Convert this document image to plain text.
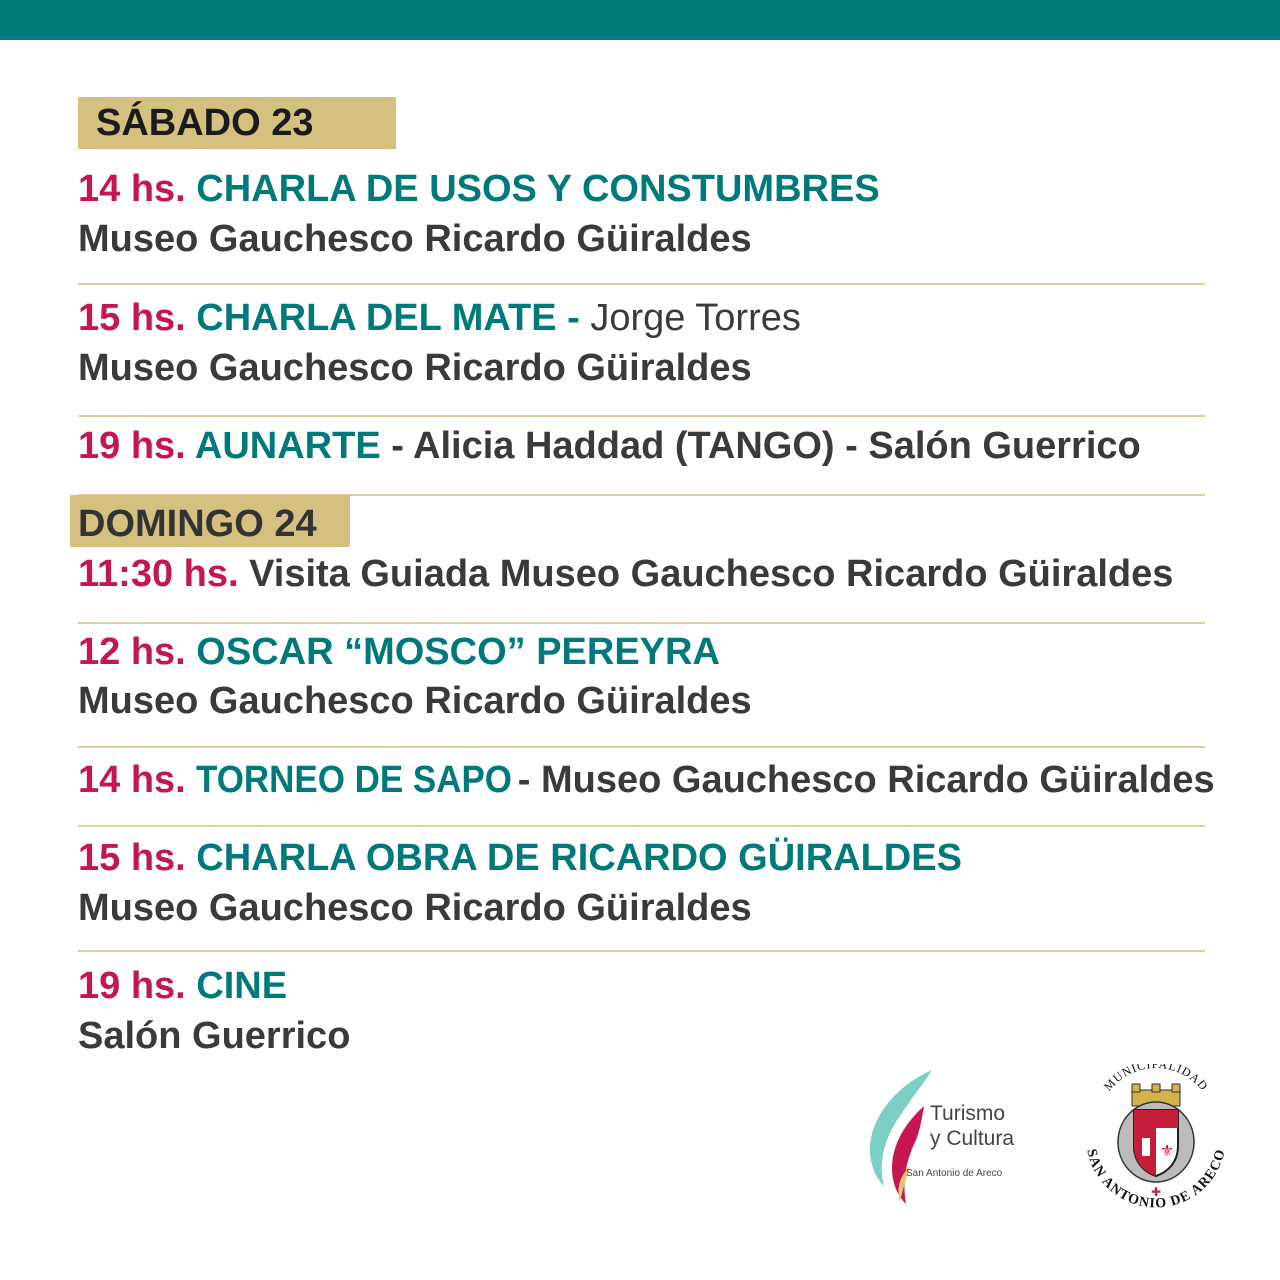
SÁBADO 23
14 hs. CHARLA DE USOS Y CONSTUMBRES
Museo Gauchesco Ricardo Güiraldes
15 hs. CHARLA DEL MATE - Jorge Torres
Museo Gauchesco Ricardo Güiraldes
19 hs. AUNARTE - Alicia Haddad (TANGO) - Salón Guerrico
DOMINGO 24
11:30 hs. Visita Guiada Museo Gauchesco Ricardo Güiraldes
12 hs. OSCAR “MOSCO” PEREYRA
Museo Gauchesco Ricardo Güiraldes
14 hs. TORNEO DE SAPO - Museo Gauchesco Ricardo Güiraldes
15 hs. CHARLA OBRA DE RICARDO GÜIRALDES
Museo Gauchesco Ricardo Güiraldes
19 hs. CINE
Salón Guerrico
Turismo
y Cultura
San Antonio de Areco
MUNICIPALIDAD
⚜
✚
SAN ANTONIO DE ARECO
